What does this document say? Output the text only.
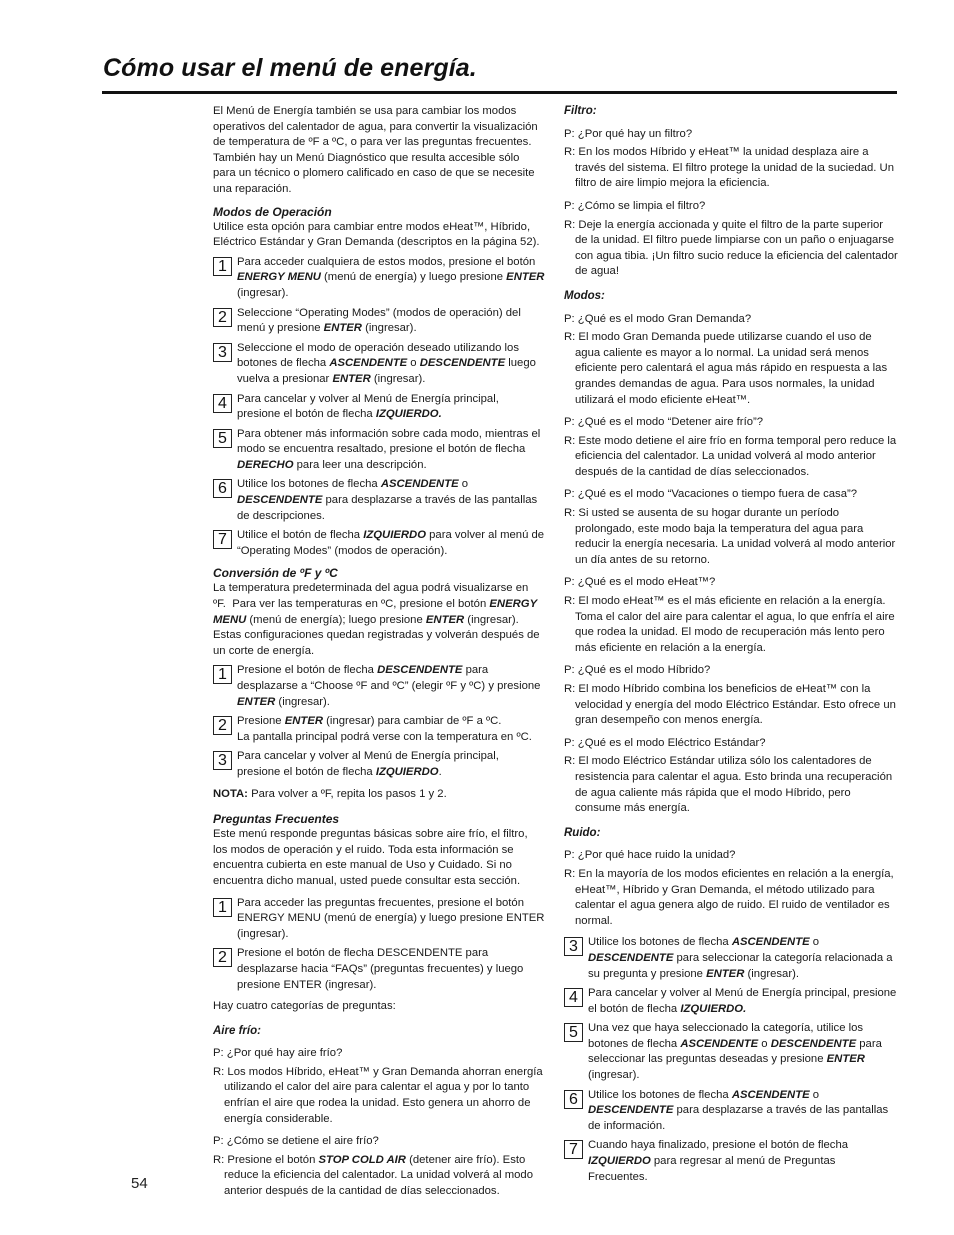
Cómo usar el menú de energía.

El Menú de Energía también se usa para cambiar los modos operativos del calentador de agua, para convertir la visualización de temperatura de ºF a ºC, o para ver las preguntas frecuentes. También hay un Menú Diagnóstico que resulta accesible sólo para un técnico o plomero calificado en caso de que se necesite una reparación.

Modos de Operación

Utilice esta opción para cambiar entre modos eHeat™, Híbrido, Eléctrico Estándar y Gran Demanda (descriptos en la página 52).

1 Para acceder cualquiera de estos modos, presione el botón ENERGY MENU (menú de energía) y luego presione ENTER (ingresar).
2 Seleccione “Operating Modes” (modos de operación) del menú y presione ENTER (ingresar).
3 Seleccione el modo de operación deseado utilizando los botones de flecha ASCENDENTE o DESCENDENTE luego vuelva a presionar ENTER (ingresar).
4 Para cancelar y volver al Menú de Energía principal, presione el botón de flecha IZQUIERDO.
5 Para obtener más información sobre cada modo, mientras el modo se encuentra resaltado, presione el botón de flecha DERECHO para leer una descripción.
6 Utilice los botones de flecha ASCENDENTE o DESCENDENTE para desplazarse a través de las pantallas de descripciones.
7 Utilice el botón de flecha IZQUIERDO para volver al menú de “Operating Modes” (modos de operación).

Conversión de ºF y ºC

La temperatura predeterminada del agua podrá visualizarse en ºF.  Para ver las temperaturas en ºC, presione el botón ENERGY MENU (menú de energía); luego presione ENTER (ingresar). Estas configuraciones quedan registradas y volverán después de un corte de energía.

1 Presione el botón de flecha DESCENDENTE para desplazarse a “Choose ºF and ºC” (elegir ºF y ºC) y presione ENTER (ingresar).
2 Presione ENTER (ingresar) para cambiar de ºF a ºC.
La pantalla principal podrá verse con la temperatura en ºC.
3 Para cancelar y volver al Menú de Energía principal, presione el botón de flecha IZQUIERDO.

NOTA: Para volver a ºF, repita los pasos 1 y 2.

Preguntas Frecuentes

Este menú responde preguntas básicas sobre aire frío, el filtro, los modos de operación y el ruido. Toda esta información se encuentra cubierta en este manual de Uso y Cuidado. Si no encuentra dicho manual, usted puede consultar esta sección.

1 Para acceder las preguntas frecuentes, presione el botón ENERGY MENU (menú de energía) y luego presione ENTER (ingresar).
2 Presione el botón de flecha DESCENDENTE para desplazarse hacia “FAQs” (preguntas frecuentes) y luego presione ENTER (ingresar).

Hay cuatro categorías de preguntas:

Aire frío:

P: ¿Por qué hay aire frío?

R: Los modos Híbrido, eHeat™ y Gran Demanda ahorran energía utilizando el calor del aire para calentar el agua y por lo tanto enfrían el aire que rodea la unidad. Esto genera un ahorro de energía considerable.

P: ¿Cómo se detiene el aire frío?

R: Presione el botón STOP COLD AIR (detener aire frío). Esto reduce la eficiencia del calentador. La unidad volverá al modo anterior después de la cantidad de días seleccionados.

Filtro:

P: ¿Por qué hay un filtro?

R: En los modos Híbrido y eHeat™ la unidad desplaza aire a través del sistema. El filtro protege la unidad de la suciedad. Un filtro de aire limpio mejora la eficiencia.

P: ¿Cómo se limpia el filtro?

R: Deje la energía accionada y quite el filtro de la parte superior de la unidad. El filtro puede limpiarse con un paño o enjuagarse con agua tibia. ¡Un filtro sucio reduce la eficiencia del calentador de agua!

Modos:

P: ¿Qué es el modo Gran Demanda?

R: El modo Gran Demanda puede utilizarse cuando el uso de agua caliente es mayor a lo normal. La unidad será menos eficiente pero calentará el agua más rápido en respuesta a las grandes demandas de agua. Para usos normales, la unidad utilizará el modo eficiente eHeat™.

P: ¿Qué es el modo “Detener aire frío”?

R: Este modo detiene el aire frío en forma temporal pero reduce la eficiencia del calentador. La unidad volverá al modo anterior después de la cantidad de días seleccionados.

P: ¿Qué es el modo “Vacaciones o tiempo fuera de casa”?

R: Si usted se ausenta de su hogar durante un período prolongado, este modo baja la temperatura del agua para reducir la energía necesaria. La unidad volverá al modo anterior un día antes de su retorno.

P: ¿Qué es el modo eHeat™?

R: El modo eHeat™ es el más eficiente en relación a la energía. Toma el calor del aire para calentar el agua, lo que enfría el aire que rodea la unidad. El modo de recuperación más lento pero más eficiente en relación a la energía.

P: ¿Qué es el modo Híbrido?

R: El modo Híbrido combina los beneficios de eHeat™ con la velocidad y energía del modo Eléctrico Estándar. Esto ofrece un gran desempeño con menos energía.

P: ¿Qué es el modo Eléctrico Estándar?

R: El modo Eléctrico Estándar utiliza sólo los calentadores de resistencia para calentar el agua. Esto brinda una recuperación de agua caliente más rápida que el modo Híbrido, pero consume más energía.

Ruido:

P: ¿Por qué hace ruido la unidad?

R: En la mayoría de los modos eficientes en relación a la energía, eHeat™, Híbrido y Gran Demanda, el método utilizado para calentar el agua genera algo de ruido. El ruido de ventilador es normal.

3 Utilice los botones de flecha ASCENDENTE o DESCENDENTE para seleccionar la categoría relacionada a su pregunta y presione ENTER (ingresar).
4 Para cancelar y volver al Menú de Energía principal, presione el botón de flecha IZQUIERDO.
5 Una vez que haya seleccionado la categoría, utilice los botones de flecha ASCENDENTE o DESCENDENTE para seleccionar las preguntas deseadas y presione ENTER (ingresar).
6 Utilice los botones de flecha ASCENDENTE o DESCENDENTE para desplazarse a través de las pantallas de información.
7 Cuando haya finalizado, presione el botón de flecha IZQUIERDO para regresar al menú de Preguntas Frecuentes.
54
